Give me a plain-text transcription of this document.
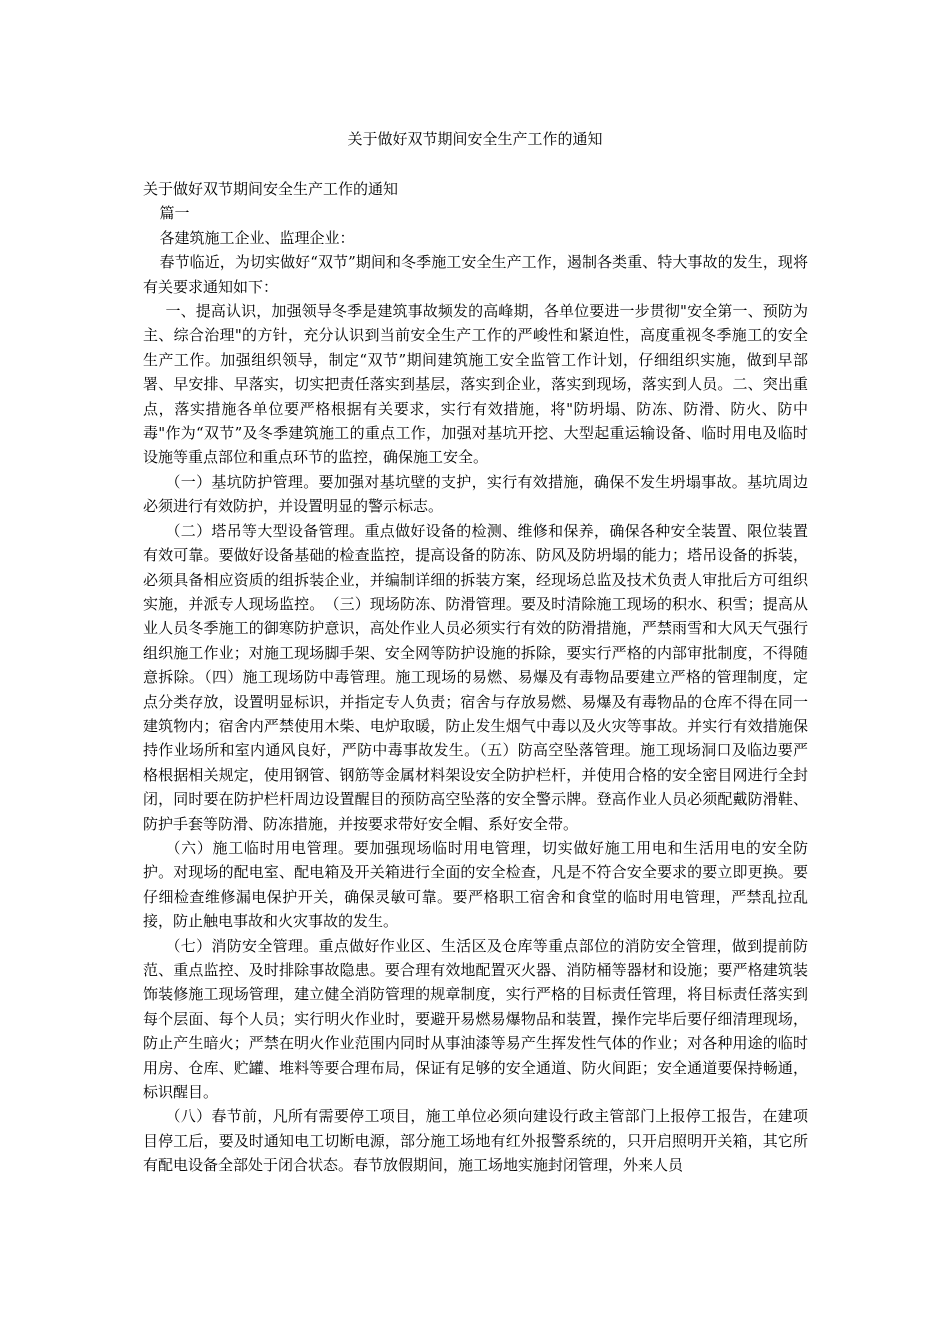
关于做好双节期间安全生产工作的通知

关于做好双节期间安全生产工作的通知

篇一

各建筑施工企业、监理企业：

春节临近，为切实做好“双节”期间和冬季施工安全生产工作，遏制各类重、特大事故的发生，现将有关要求通知如下：

一、提高认识，加强领导冬季是建筑事故频发的高峰期，各单位要进一步贯彻"安全第一、预防为主、综合治理"的方针，充分认识到当前安全生产工作的严峻性和紧迫性，高度重视冬季施工的安全生产工作。加强组织领导，制定“双节”期间建筑施工安全监管工作计划，仔细组织实施，做到早部署、早安排、早落实，切实把责任落实到基层，落实到企业，落实到现场，落实到人员。二、突出重点，落实措施各单位要严格根据有关要求，实行有效措施，将"防坍塌、防冻、防滑、防火、防中毒"作为“双节”及冬季建筑施工的重点工作，加强对基坑开挖、大型起重运输设备、临时用电及临时设施等重点部位和重点环节的监控，确保施工安全。

（一）基坑防护管理。要加强对基坑壁的支护，实行有效措施，确保不发生坍塌事故。基坑周边必须进行有效防护，并设置明显的警示标志。

（二）塔吊等大型设备管理。重点做好设备的检测、维修和保养，确保各种安全装置、限位装置有效可靠。要做好设备基础的检查监控，提高设备的防冻、防风及防坍塌的能力；塔吊设备的拆装，必须具备相应资质的组拆装企业，并编制详细的拆装方案，经现场总监及技术负责人审批后方可组织实施，并派专人现场监控。　（三）现场防冻、防滑管理。要及时清除施工现场的积水、积雪；提高从业人员冬季施工的御寒防护意识，高处作业人员必须实行有效的防滑措施，严禁雨雪和大风天气强行组织施工作业；对施工现场脚手架、安全网等防护设施的拆除，要实行严格的内部审批制度，不得随意拆除。（四）施工现场防中毒管理。施工现场的易燃、易爆及有毒物品要建立严格的管理制度，定点分类存放，设置明显标识，并指定专人负责；宿舍与存放易燃、易爆及有毒物品的仓库不得在同一建筑物内；宿舍内严禁使用木柴、电炉取暖，防止发生烟气中毒以及火灾等事故。并实行有效措施保持作业场所和室内通风良好，严防中毒事故发生。（五）防高空坠落管理。施工现场洞口及临边要严格根据相关规定，使用钢管、钢筋等金属材料架设安全防护栏杆，并使用合格的安全密目网进行全封闭，同时要在防护栏杆周边设置醒目的预防高空坠落的安全警示牌。登高作业人员必须配戴防滑鞋、防护手套等防滑、防冻措施，并按要求带好安全帽、系好安全带。

（六）施工临时用电管理。要加强现场临时用电管理，切实做好施工用电和生活用电的安全防护。对现场的配电室、配电箱及开关箱进行全面的安全检查，凡是不符合安全要求的要立即更换。要仔细检查维修漏电保护开关，确保灵敏可靠。要严格职工宿舍和食堂的临时用电管理，严禁乱拉乱接，防止触电事故和火灾事故的发生。

（七）消防安全管理。重点做好作业区、生活区及仓库等重点部位的消防安全管理，做到提前防范、重点监控、及时排除事故隐患。要合理有效地配置灭火器、消防桶等器材和设施；要严格建筑装饰装修施工现场管理，建立健全消防管理的规章制度，实行严格的目标责任管理，将目标责任落实到每个层面、每个人员；实行明火作业时，要避开易燃易爆物品和装置，操作完毕后要仔细清理现场，防止产生暗火；严禁在明火作业范围内同时从事油漆等易产生挥发性气体的作业；对各种用途的临时用房、仓库、贮罐、堆料等要合理布局，保证有足够的安全通道、防火间距；安全通道要保持畅通，标识醒目。

（八）春节前，凡所有需要停工项目，施工单位必须向建设行政主管部门上报停工报告，在建项目停工后，要及时通知电工切断电源，部分施工场地有红外报警系统的，只开启照明开关箱，其它所有配电设备全部处于闭合状态。春节放假期间，施工场地实施封闭管理，外来人员
